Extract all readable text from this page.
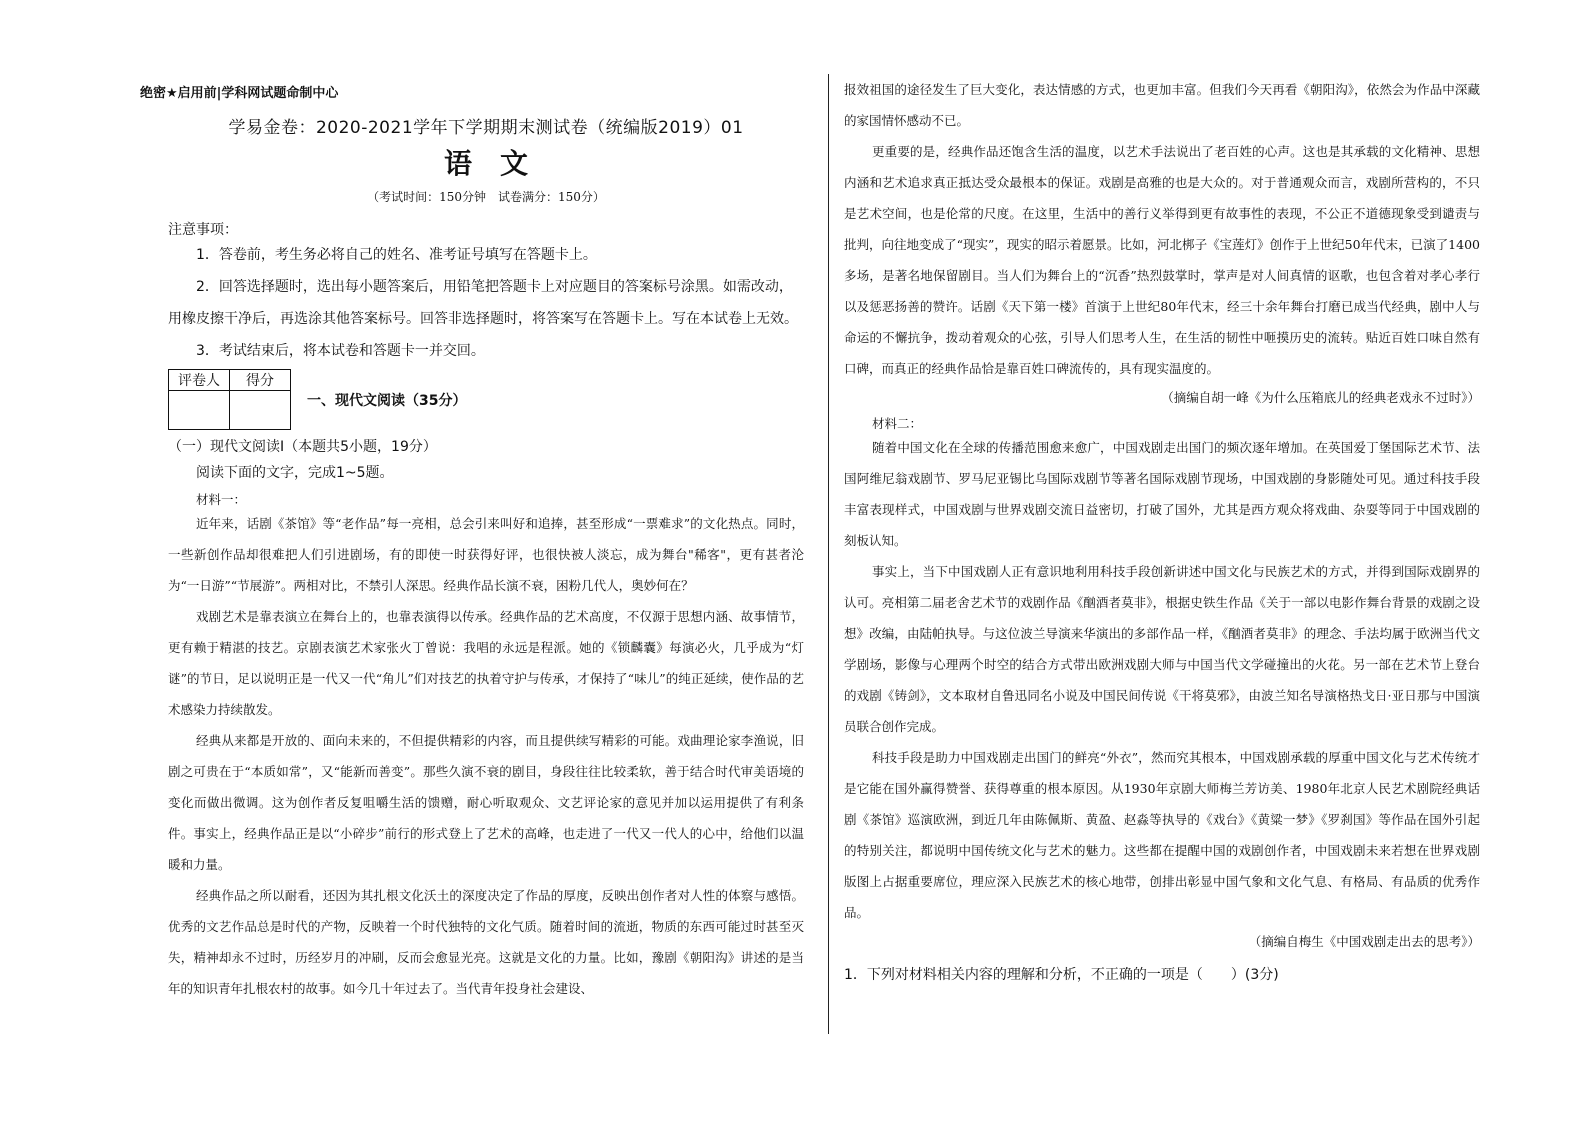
绝密★启用前|学科网试题命制中心
学易金卷：2020-2021学年下学期期末测试卷（统编版2019）01
语文
（考试时间：150分钟　试卷满分：150分）
注意事项：

1．答卷前，考生务必将自己的姓名、准考证号填写在答题卡上。

2．回答选择题时，选出每小题答案后，用铅笔把答题卡上对应题目的答案标号涂黑。如需改动，用橡皮擦干净后，再选涂其他答案标号。回答非选择题时，将答案写在答题卡上。写在本试卷上无效。

3．考试结束后，将本试卷和答题卡一并交回。

评卷人	得分

一、现代文阅读（35分）
（一）现代文阅读Ⅰ（本题共5小题，19分）
阅读下面的文字，完成1~5题。
材料一：

近年来，话剧《茶馆》等“老作品”每一亮相，总会引来叫好和追捧，甚至形成“一票难求”的文化热点。同时，一些新创作品却很难把人们引进剧场，有的即使一时获得好评，也很快被人淡忘，成为舞台"稀客"，更有甚者沦为“一日游”“节展游”。两相对比，不禁引人深思。经典作品长演不衰，困粉几代人，奥妙何在？

戏剧艺术是靠表演立在舞台上的，也靠表演得以传承。经典作品的艺术高度，不仅源于思想内涵、故事情节，更有赖于精湛的技艺。京剧表演艺术家张火丁曾说：我唱的永远是程派。她的《锁麟囊》每演必火，几乎成为“灯谜”的节日，足以说明正是一代又一代“角儿”们对技艺的执着守护与传承，才保持了“味儿”的纯正延续，使作品的艺术感染力持续散发。

经典从来都是开放的、面向未来的，不但提供精彩的内容，而且提供续写精彩的可能。戏曲理论家李渔说，旧剧之可贵在于“本质如常”，又“能新而善变”。那些久演不衰的剧目，身段往往比较柔软，善于结合时代审美语境的变化而做出微调。这为创作者反复咀嚼生活的馈赠，耐心听取观众、文艺评论家的意见并加以运用提供了有利条件。事实上，经典作品正是以“小碎步”前行的形式登上了艺术的高峰，也走进了一代又一代人的心中，给他们以温暖和力量。

经典作品之所以耐看，还因为其扎根文化沃土的深度决定了作品的厚度，反映出创作者对人性的体察与感悟。优秀的文艺作品总是时代的产物，反映着一个时代独特的文化气质。随着时间的流逝，物质的东西可能过时甚至灭失，精神却永不过时，历经岁月的冲刷，反而会愈显光亮。这就是文化的力量。比如，豫剧《朝阳沟》讲述的是当年的知识青年扎根农村的故事。如今几十年过去了。当代青年投身社会建设、

报效祖国的途径发生了巨大变化，表达情感的方式，也更加丰富。但我们今天再看《朝阳沟》，依然会为作品中深藏的家国情怀感动不已。

更重要的是，经典作品还饱含生活的温度，以艺术手法说出了老百姓的心声。这也是其承载的文化精神、思想内涵和艺术追求真正抵达受众最根本的保证。戏剧是高雅的也是大众的。对于普通观众而言，戏剧所营构的，不只是艺术空间，也是伦常的尺度。在这里，生活中的善行义举得到更有故事性的表现，不公正不道德现象受到谴责与批判，向往地变成了“现实”，现实的昭示着愿景。比如，河北梆子《宝莲灯》创作于上世纪50年代末，已演了1400多场，是著名地保留剧目。当人们为舞台上的“沉香”热烈鼓掌时，掌声是对人间真情的讴歌，也包含着对孝心孝行以及惩恶扬善的赞许。话剧《天下第一楼》首演于上世纪80年代末，经三十余年舞台打磨已成当代经典，剧中人与命运的不懈抗争，拨动着观众的心弦，引导人们思考人生，在生活的韧性中咂摸历史的流转。贴近百姓口味自然有口碑，而真正的经典作品恰是靠百姓口碑流传的，具有现实温度的。

（摘编自胡一峰《为什么压箱底儿的经典老戏永不过时》）
材料二：

随着中国文化在全球的传播范围愈来愈广，中国戏剧走出国门的频次逐年增加。在英国爱丁堡国际艺术节、法国阿维尼翁戏剧节、罗马尼亚锡比乌国际戏剧节等著名国际戏剧节现场，中国戏剧的身影随处可见。通过科技手段丰富表现样式，中国戏剧与世界戏剧交流日益密切，打破了国外，尤其是西方观众将戏曲、杂耍等同于中国戏剧的刻板认知。

事实上，当下中国戏剧人正有意识地利用科技手段创新讲述中国文化与民族艺术的方式，并得到国际戏剧界的认可。亮相第二届老舍艺术节的戏剧作品《酗酒者莫非》，根据史铁生作品《关于一部以电影作舞台背景的戏剧之设想》改编，由陆帕执导。与这位波兰导演来华演出的多部作品一样，《酗酒者莫非》的理念、手法均属于欧洲当代文学剧场，影像与心理两个时空的结合方式带出欧洲戏剧大师与中国当代文学碰撞出的火花。另一部在艺术节上登台的戏剧《铸剑》，文本取材自鲁迅同名小说及中国民间传说《干将莫邪》，由波兰知名导演格热戈日·亚日那与中国演员联合创作完成。

科技手段是助力中国戏剧走出国门的鲜亮“外衣”，然而究其根本，中国戏剧承载的厚重中国文化与艺术传统才是它能在国外赢得赞誉、获得尊重的根本原因。从1930年京剧大师梅兰芳访美、1980年北京人民艺术剧院经典话剧《茶馆》巡演欧洲，到近几年由陈佩斯、黄盈、赵淼等执导的《戏台》《黄粱一梦》《罗刹国》等作品在国外引起的特别关注，都说明中国传统文化与艺术的魅力。这些都在提醒中国的戏剧创作者，中国戏剧未来若想在世界戏剧版图上占据重要席位，理应深入民族艺术的核心地带，创排出彰显中国气象和文化气息、有格局、有品质的优秀作品。

（摘编自梅生《中国戏剧走出去的思考》）
1．下列对材料相关内容的理解和分析，不正确的一项是（　　）(3分)
